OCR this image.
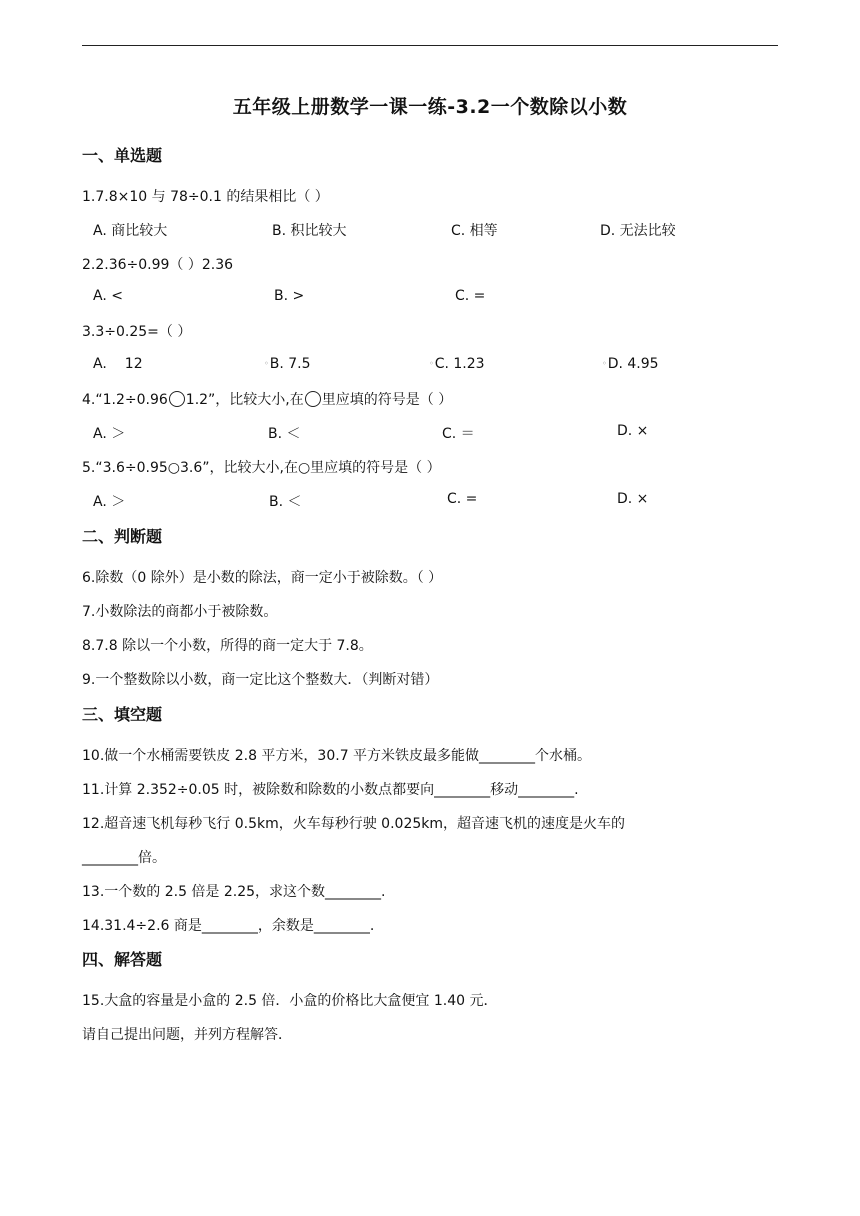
五年级上册数学一课一练-3.2一个数除以小数
一、单选题
1.7.8×10 与 78÷0.1 的结果相比（ ）
A. 商比较大	B. 积比较大	C. 相等	D. 无法比较
2.2.36÷0.99（ ）2.36
A. <	B. >	C. =
3.3÷0.25=（ ）
A. 12	◦B. 7.5	◦C. 1.23	◦D. 4.95
4.“1.2÷0.96 1.2”，比较大小,在 里应填的符号是（ ）
A. ＞	B. ＜	C. ＝	D. ×
5.“3.6÷0.95○3.6”，比较大小,在○里应填的符号是（ ）
A. ＞	B. ＜	C. =	D. ×
二、判断题
6.除数（0 除外）是小数的除法，商一定小于被除数。（ ）
7.小数除法的商都小于被除数。
8.7.8 除以一个小数，所得的商一定大于 7.8。
9.一个整数除以小数，商一定比这个整数大．（判断对错）
三、填空题
10.做一个水桶需要铁皮 2.8 平方米，30.7 平方米铁皮最多能做________个水桶。
11.计算 2.352÷0.05 时，被除数和除数的小数点都要向________移动________.
12.超音速飞机每秒飞行 0.5km，火车每秒行驶 0.025km，超音速飞机的速度是火车的
________倍。
13.一个数的 2.5 倍是 2.25，求这个数________.
14.31.4÷2.6 商是________，余数是________.
四、解答题
15.大盒的容量是小盒的 2.5 倍．小盒的价格比大盒便宜 1.40 元．
请自己提出问题，并列方程解答．
